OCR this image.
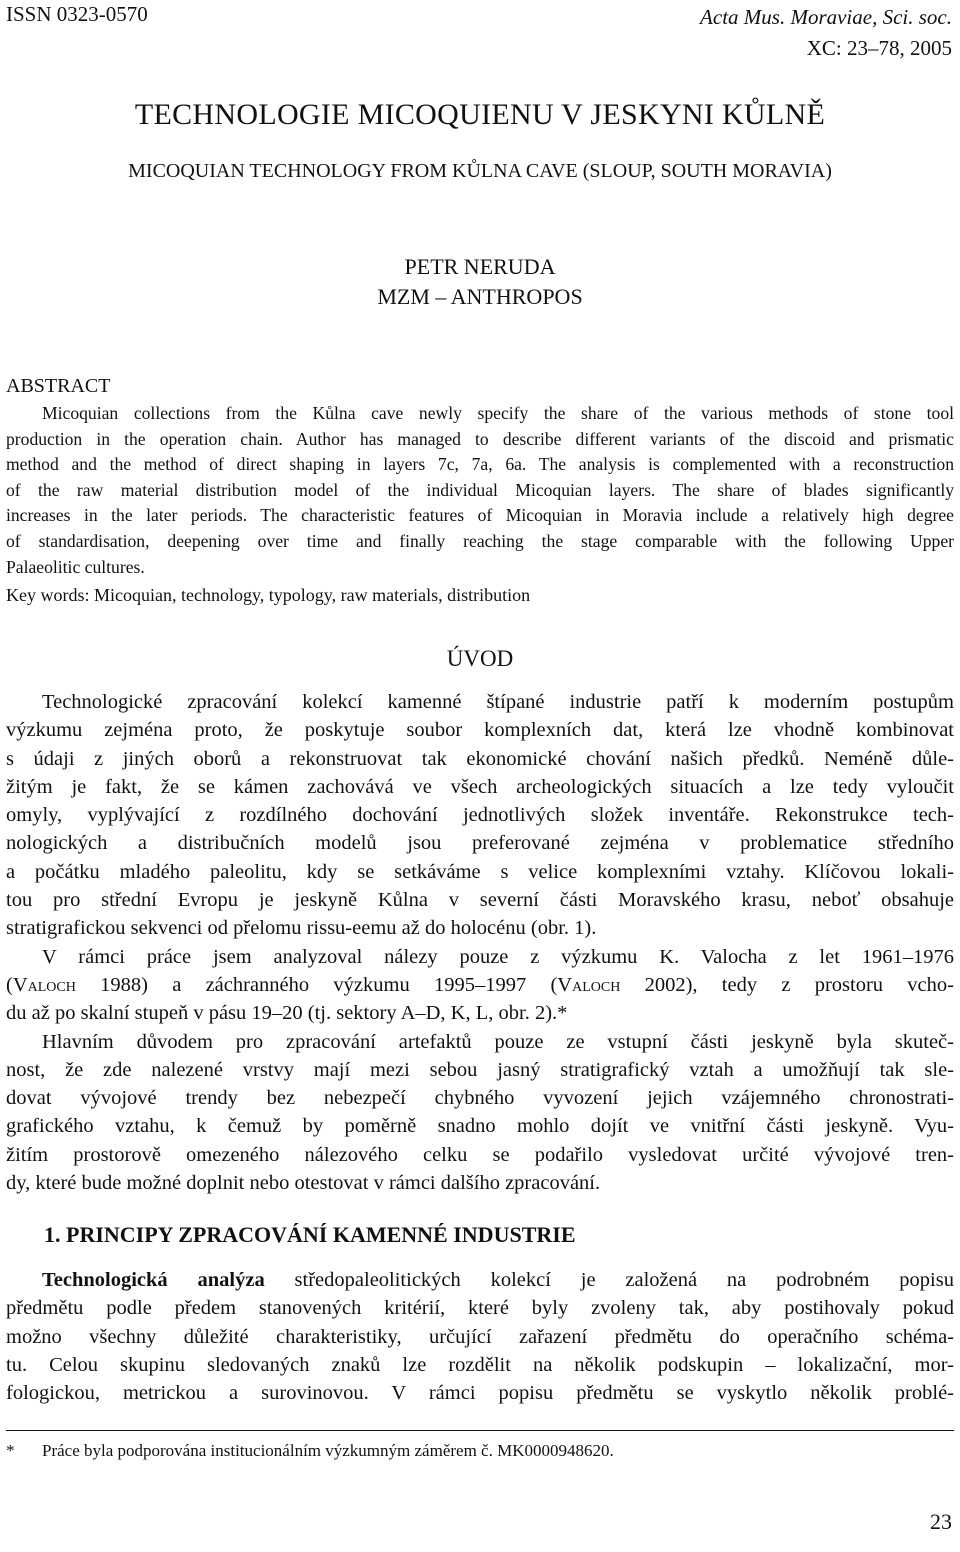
ISSN 0323-0570	Acta Mus. Moraviae, Sci. soc.
XC: 23–78, 2005
TECHNOLOGIE MICOQUIENU V JESKYNI KŮLNĚ
MICOQUIAN TECHNOLOGY FROM KŮLNA CAVE (SLOUP, SOUTH MORAVIA)
PETR NERUDA
MZM – ANTHROPOS
ABSTRACT
Micoquian collections from the Kůlna cave newly specify the share of the various methods of stone tool
production in the operation chain. Author has managed to describe different variants of the discoid and prismatic
method and the method of direct shaping in layers 7c, 7a, 6a. The analysis is complemented with a reconstruction
of the raw material distribution model of the individual Micoquian layers. The share of blades significantly
increases in the later periods. The characteristic features of Micoquian in Moravia include a relatively high degree
of standardisation, deepening over time and finally reaching the stage comparable with the following Upper
Palaeolitic cultures.
Key words: Micoquian, technology, typology, raw materials, distribution
ÚVOD
Technologické zpracování kolekcí kamenné štípané industrie patří k moderním postupům
výzkumu zejména proto, že poskytuje soubor komplexních dat, která lze vhodně kombinovat
s údaji z jiných oborů a rekonstruovat tak ekonomické chování našich předků. Neméně důle-
žitým je fakt, že se kámen zachovává ve všech archeologických situacích a lze tedy vyloučit
omyly, vyplývající z rozdílného dochování jednotlivých složek inventáře. Rekonstrukce tech-
nologických a distribučních modelů jsou preferované zejména v problematice středního
a počátku mladého paleolitu, kdy se setkáváme s velice komplexními vztahy. Klíčovou lokali-
tou pro střední Evropu je jeskyně Kůlna v severní části Moravského krasu, neboť obsahuje
stratigrafickou sekvenci od přelomu rissu-eemu až do holocénu (obr. 1).
V rámci práce jsem analyzoval nálezy pouze z výzkumu K. Valocha z let 1961–1976
(Valoch 1988) a záchranného výzkumu 1995–1997 (Valoch 2002), tedy z prostoru vcho-
du až po skalní stupeň v pásu 19–20 (tj. sektory A–D, K, L, obr. 2).*
Hlavním důvodem pro zpracování artefaktů pouze ze vstupní části jeskyně byla skuteč-
nost, že zde nalezené vrstvy mají mezi sebou jasný stratigrafický vztah a umožňují tak sle-
dovat vývojové trendy bez nebezpečí chybného vyvození jejich vzájemného chronostrati-
grafického vztahu, k čemuž by poměrně snadno mohlo dojít ve vnitřní části jeskyně. Vyu-
žitím prostorově omezeného nálezového celku se podařilo vysledovat určité vývojové tren-
dy, které bude možné doplnit nebo otestovat v rámci dalšího zpracování.
1. PRINCIPY ZPRACOVÁNÍ KAMENNÉ INDUSTRIE
Technologická analýza středopaleolitických kolekcí je založená na podrobném popisu
předmětu podle předem stanovených kritérií, které byly zvoleny tak, aby postihovaly pokud
možno všechny důležité charakteristiky, určující zařazení předmětu do operačního schéma-
tu. Celou skupinu sledovaných znaků lze rozdělit na několik podskupin – lokalizační, mor-
fologickou, metrickou a surovinovou. V rámci popisu předmětu se vyskytlo několik problé-
* Práce byla podporována institucionálním výzkumným záměrem č. MK0000948620.
23
